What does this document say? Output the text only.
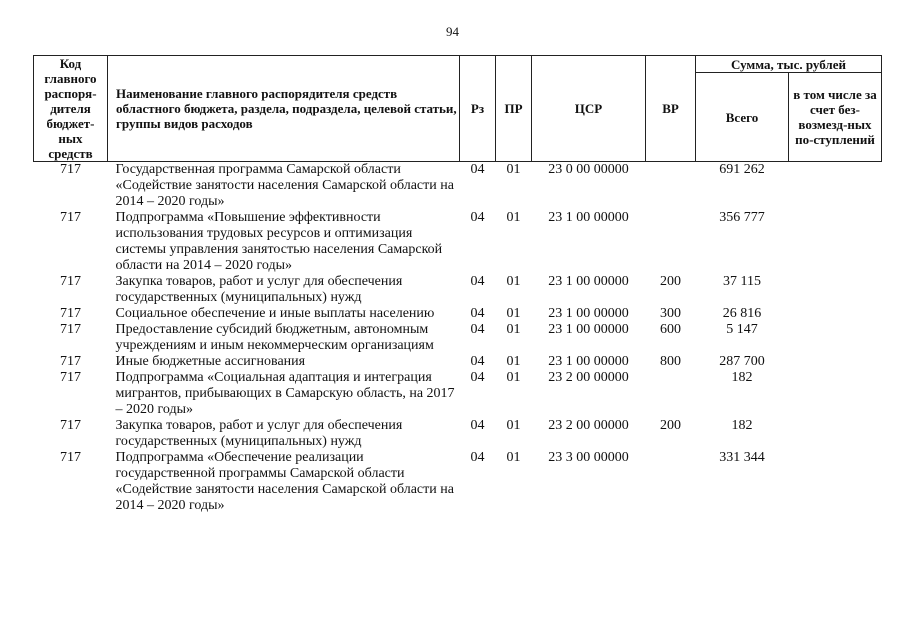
94
Код главного распоря-дителя бюджет-ных средств	Наименование главного распорядителя средств областного бюджета, раздела, подраздела, целевой статьи, группы видов расходов	Рз	ПР	ЦСР	ВР	Сумма, тыс. рублей	
						Всего	в том числе за счет без-возмезд-ных по-ступлений
717	Государственная программа Самарской области «Содействие занятости населения Самарской области на 2014 – 2020 годы»	04	01	23 0 00 00000		691 262	
717	Подпрограмма «Повышение эффективности использования трудовых ресурсов и оптимизация системы управления занятостью населения Самарской области на 2014 – 2020 годы»	04	01	23 1 00 00000		356 777	
717	Закупка товаров, работ и услуг для обеспечения государственных (муниципальных) нужд	04	01	23 1 00 00000	200	37 115	
717	Социальное обеспечение и иные выплаты населению	04	01	23 1 00 00000	300	26 816	
717	Предоставление субсидий бюджетным, автономным учреждениям и иным некоммерческим организациям	04	01	23 1 00 00000	600	5 147	
717	Иные бюджетные ассигнования	04	01	23 1 00 00000	800	287 700	
717	Подпрограмма «Социальная адаптация и интеграция мигрантов, прибывающих в Самарскую область, на 2017 – 2020 годы»	04	01	23 2 00 00000		182	
717	Закупка товаров, работ и услуг для обеспечения государственных (муниципальных) нужд	04	01	23 2 00 00000	200	182	
717	Подпрограмма «Обеспечение реализации государственной программы Самарской области «Содействие занятости населения Самарской области на 2014 – 2020 годы»	04	01	23 3 00 00000		331 344	
